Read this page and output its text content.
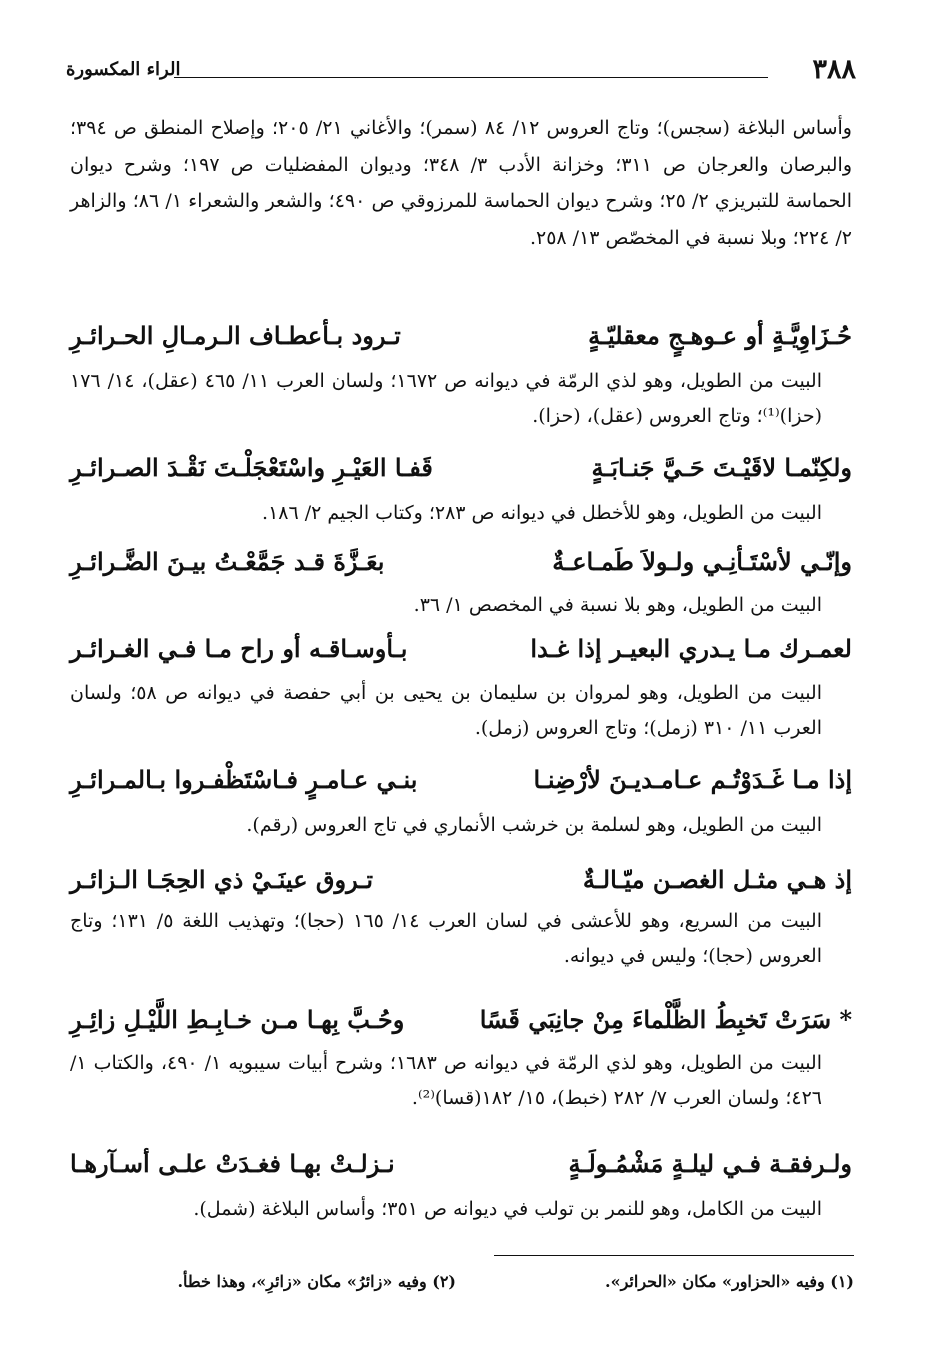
٣٨٨
الراء المكسورة
وأساس البلاغة (سجس)؛ وتاج العروس ١٢/ ٨٤ (سمر)؛ والأغاني ٢١/ ٢٠٥؛ وإصلاح المنطق ص ٣٩٤؛ والبرصان والعرجان ص ٣١١؛ وخزانة الأدب ٣/ ٣٤٨؛ وديوان المفضليات ص ١٩٧؛ وشرح ديوان الحماسة للتبريزي ٢/ ٢٥؛ وشرح ديوان الحماسة للمرزوقي ص ٤٩٠؛ والشعر والشعراء ١/ ٨٦؛ والزاهر ٢/ ٢٢٤؛ وبلا نسبة في المخصّص ١٣/ ٢٥٨.
حُـزَاوِيَّـةٍ أو عـوهـجٍ معقليّـةٍ
تـرود بـأعطـاف الـرمـالِ الحـرائـرِ
البيت من الطويل، وهو لذي الرمّة في ديوانه ص ١٦٧٢؛ ولسان العرب ١١/ ٤٦٥ (عقل)، ١٤/ ١٧٦ (حزا)⁽¹⁾؛ وتاج العروس (عقل)، (حزا).
ولكِنّمـا لاقَيْـتَ حَـيَّ جَنـابَـةٍ
قَفـا العَيْـرِ واسْتَعْجَلْـتَ نَقْـدَ الصـرائـرِ
البيت من الطويل، وهو للأخطل في ديوانه ص ٢٨٣؛ وكتاب الجيم ٢/ ١٨٦.
وإنّـي لأسْتَـأنِـي ولـولاَ طَمـاعـةٌ
بعَـزَّةَ قـد جَمَّعْـتُ بيـنَ الضَّـرائـرِ
البيت من الطويل، وهو بلا نسبة في المخصص ١/ ٣٦.
لعمـرك مـا يـدري البعيـر إذا غـدا
بـأوسـاقـه أو راح مـا فـي الغـرائـر
البيت من الطويل، وهو لمروان بن سليمان بن يحيى بن أبي حفصة في ديوانه ص ٥٨؛ ولسان العرب ١١/ ٣١٠ (زمل)؛ وتاج العروس (زمل).
إذا مـا غَـدَوْتُـم عـامـديـنَ لأرْضِنـا
بنـي عـامـرٍ فـاسْتَظْفـروا بـالمـرائـرِ
البيت من الطويل، وهو لسلمة بن خرشب الأنماري في تاج العروس (رقم).
إذ هـي مثـل الغصـن ميّـالـةٌ
تـروق عينَـيْ ذي الحِجَـا الـزائـر
البيت من السريع، وهو للأعشى في لسان العرب ١٤/ ١٦٥ (حجا)؛ وتهذيب اللغة ٥/ ١٣١؛ وتاج العروس (حجا)؛ وليس في ديوانه.
* سَرَتْ تَخبِطُ الظَّلْماءَ مِنْ جانِبَي قَسًا
وحُـبَّ بِهـا مـن خـابِـطِ اللَّيْـلِ زائِـرِ
البيت من الطويل، وهو لذي الرمّة في ديوانه ص ١٦٨٣؛ وشرح أبيات سيبويه ١/ ٤٩٠، والكتاب ١/ ٤٢٦؛ ولسان العرب ٧/ ٢٨٢ (خبط)، ١٥/ ١٨٢(قسا)⁽²⁾.
ولـرفقـة فـي ليلـةٍ مَشْمُـولَـةٍ
نـزلـتْ بهـا فغـدَتْ علـى أسـآرهـا
البيت من الكامل، وهو للنمر بن تولب في ديوانه ص ٣٥١؛ وأساس البلاغة (شمل).
(١) وفيه «الحزاور» مكان «الحرائر».
(٢) وفيه «زائرُ» مكان «زائرِ»، وهذا خطأ.
